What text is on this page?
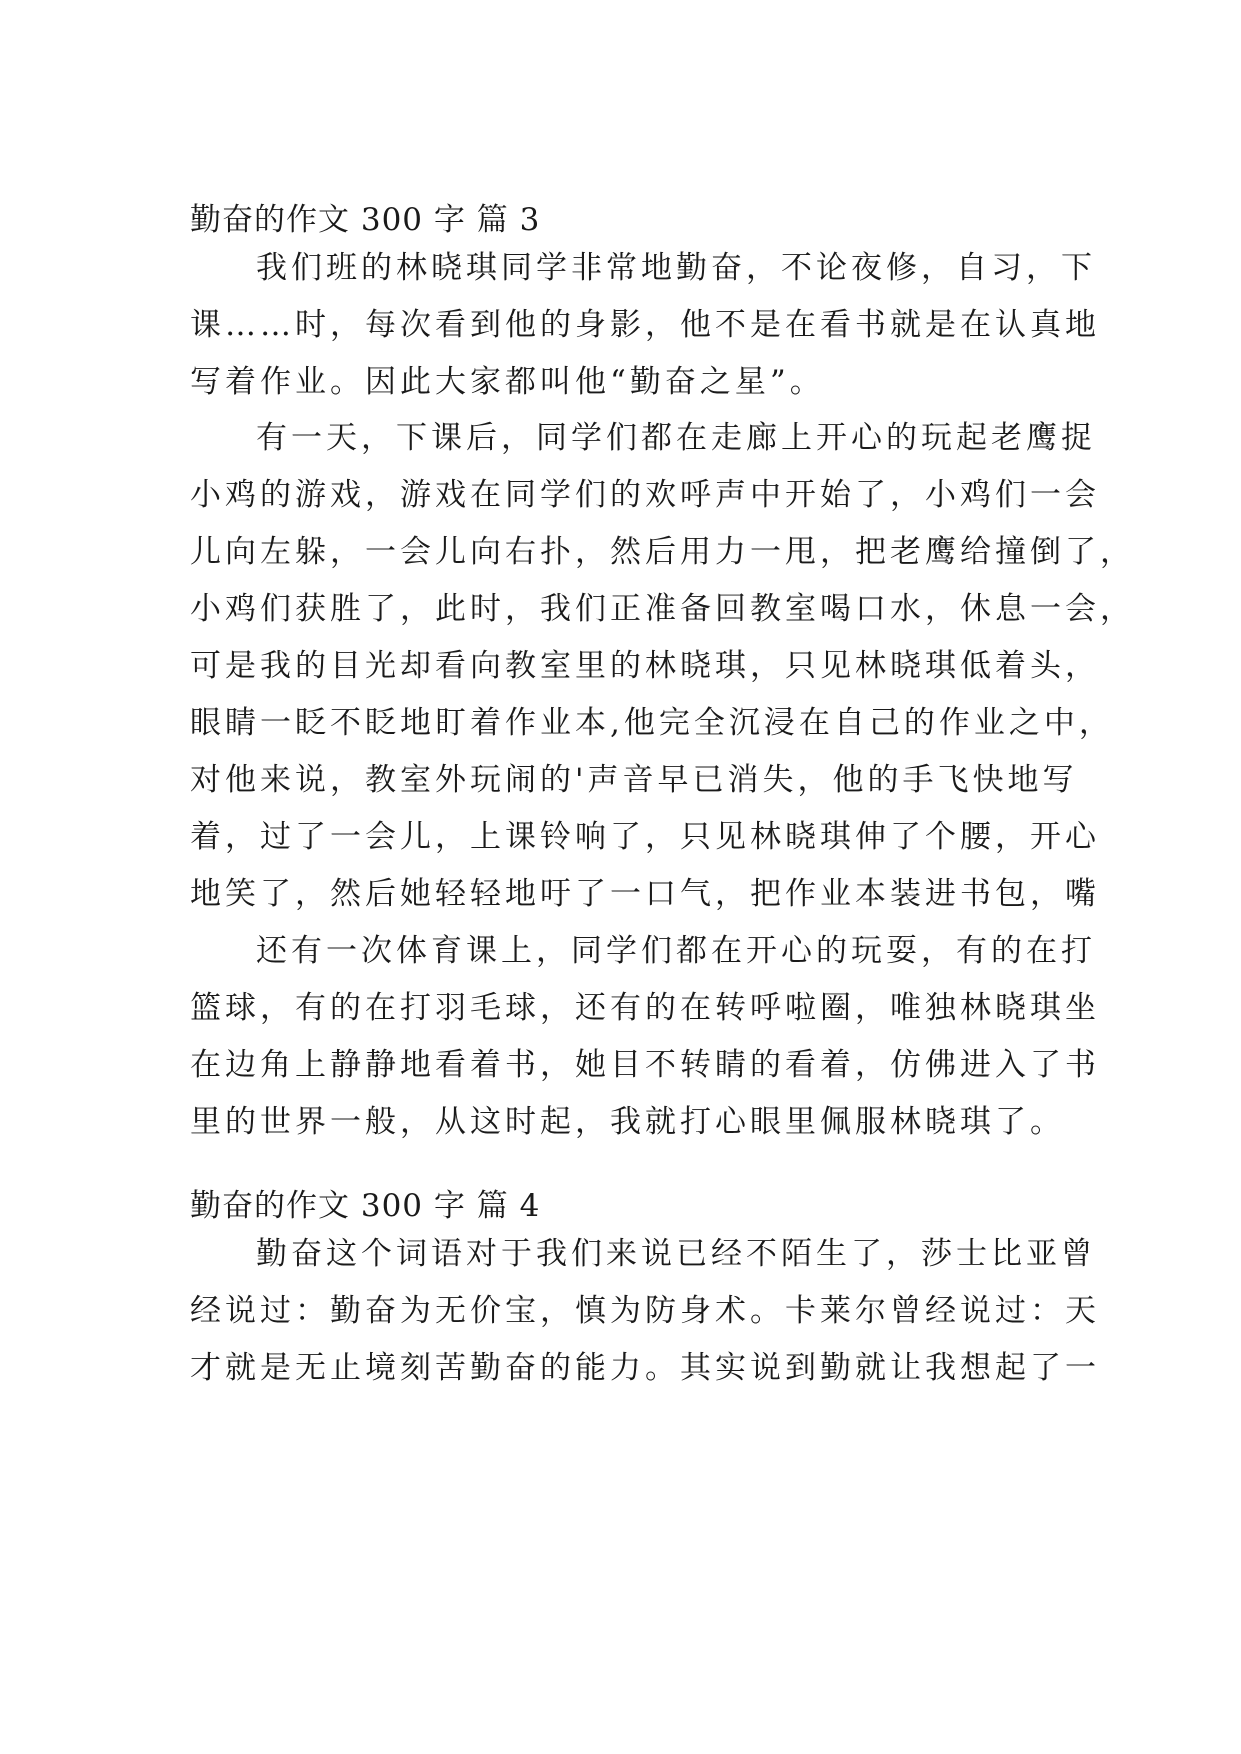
勤奋的作文 300 字 篇 3
我们班的林晓琪同学非常地勤奋，不论夜修，自习，下
课……时，每次看到他的身影，他不是在看书就是在认真地
写着作业。因此大家都叫他“勤奋之星”。
有一天，下课后，同学们都在走廊上开心的玩起老鹰捉
小鸡的游戏，游戏在同学们的欢呼声中开始了，小鸡们一会
儿向左躲，一会儿向右扑，然后用力一甩，把老鹰给撞倒了，
小鸡们获胜了，此时，我们正准备回教室喝口水，休息一会，
可是我的目光却看向教室里的林晓琪，只见林晓琪低着头，
眼睛一眨不眨地盯着作业本,他完全沉浸在自己的作业之中，
对他来说，教室外玩闹的'声音早已消失，他的手飞快地写
着，过了一会儿，上课铃响了，只见林晓琪伸了个腰，开心
地笑了，然后她轻轻地吁了一口气，把作业本装进书包，嘴
还有一次体育课上，同学们都在开心的玩耍，有的在打
篮球，有的在打羽毛球，还有的在转呼啦圈，唯独林晓琪坐
在边角上静静地看着书，她目不转睛的看着，仿佛进入了书
里的世界一般，从这时起，我就打心眼里佩服林晓琪了。
勤奋的作文 300 字 篇 4
勤奋这个词语对于我们来说已经不陌生了，莎士比亚曾
经说过：勤奋为无价宝，慎为防身术。卡莱尔曾经说过：天
才就是无止境刻苦勤奋的能力。其实说到勤就让我想起了一
